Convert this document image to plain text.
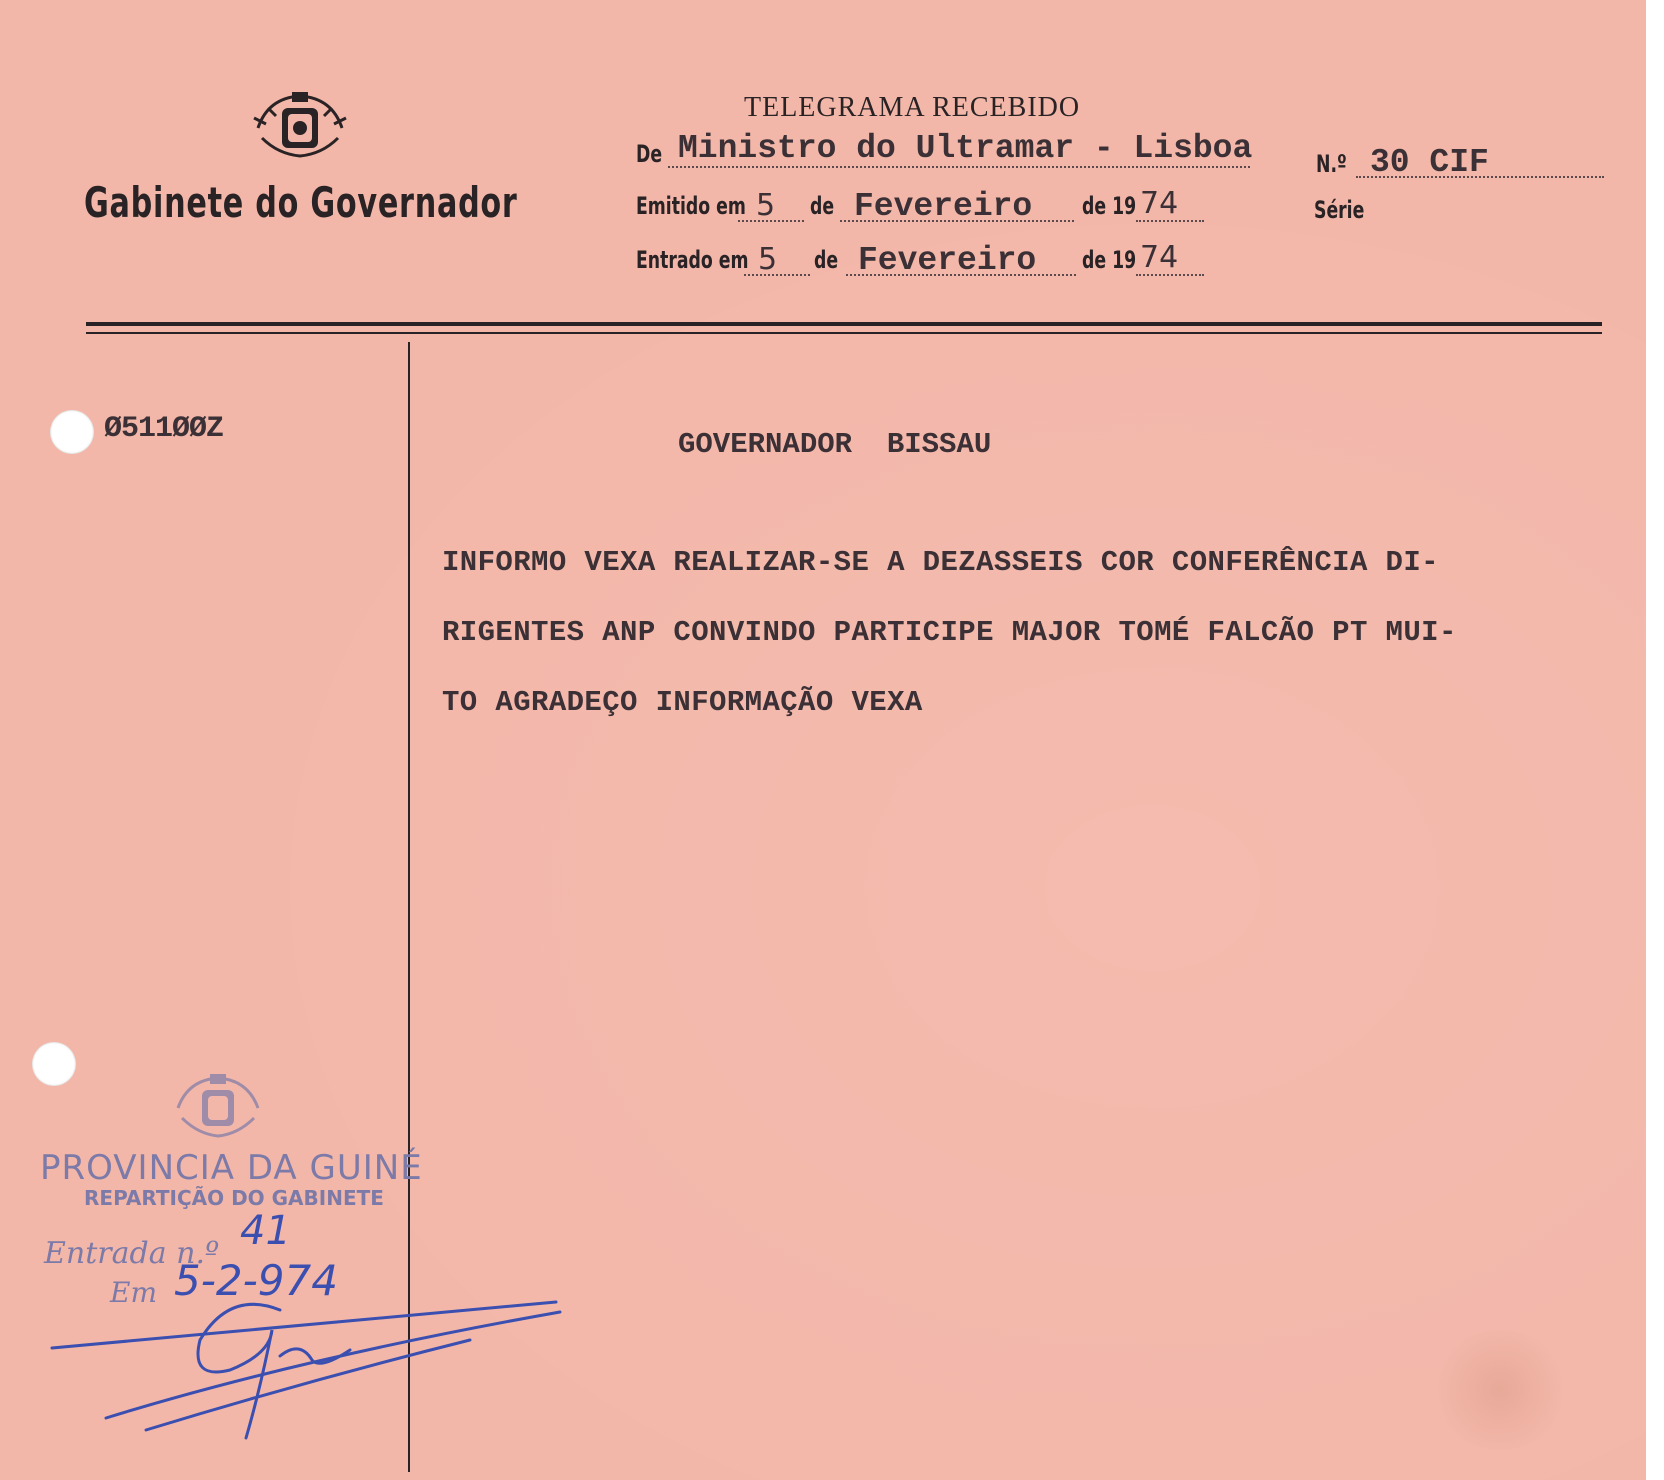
Gabinete do Governador
TELEGRAMA RECEBIDO
De Ministro do Ultramar - Lisboa	N.º 30 CIF
Série
Emitido em 5 de Fevereiro de 19 74
Entrado em 5 de Fevereiro de 19 74
Ø511ØØZ	GOVERNADOR  BISSAU
INFORMO VEXA REALIZAR-SE A DEZASSEIS COR CONFERÊNCIA DI-
RIGENTES ANP CONVINDO PARTICIPE MAJOR TOMÉ FALCÃO PT MUI-
TO AGRADEÇO INFORMAÇÃO VEXA
PROVINCIA DA GUINÉ
REPARTIÇÃO DO GABINETE
Entrada n.º 41
Em 5-2-974
